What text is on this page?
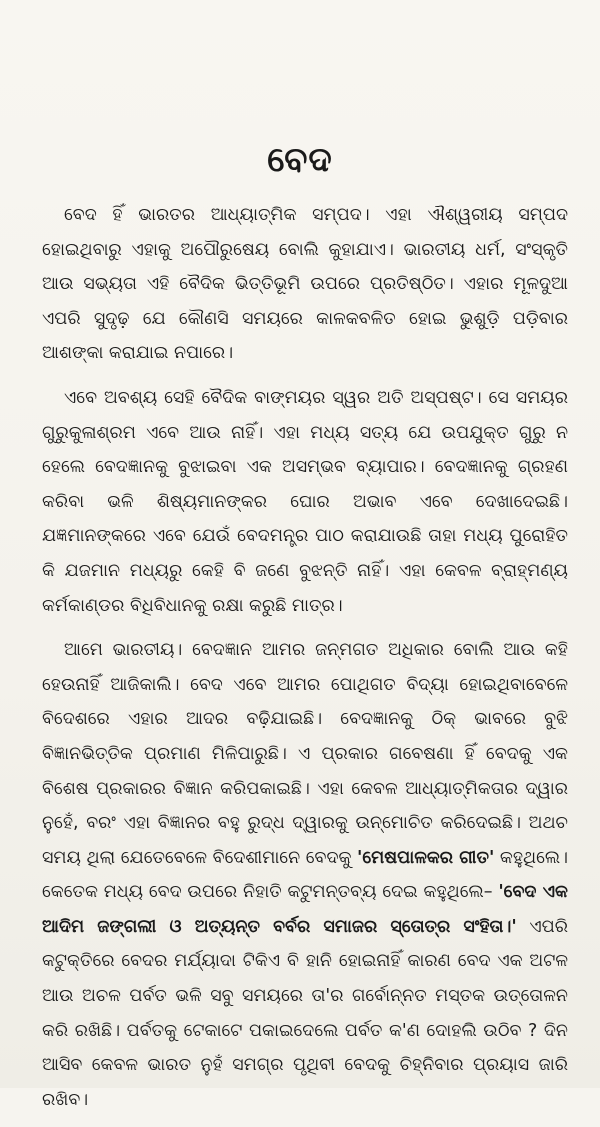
ବେଦ

ବେଦ ହିଁ ଭାରତର ଆଧ୍ୟାତ୍ମିକ ସମ୍ପଦ। ଏହା ଐଶ୍ୱରୀୟ ସମ୍ପଦ ହୋଇଥିବାରୁ ଏହାକୁ ଅପୌରୁଷେୟ ବୋଲି କୁହାଯାଏ। ଭାରତୀୟ ଧର୍ମ, ସଂସ୍କୃତି ଆଉ ସଭ୍ୟତା ଏହି ବୈଦିକ ଭିତ୍ତିଭୂମି ଉପରେ ପ୍ରତିଷ୍ଠିତ। ଏହାର ମୂଳଦୁଆ ଏପରି ସୁଦୃଢ଼ ଯେ କୌଣସି ସମୟରେ କାଳକବଳିତ ହୋଇ ଭୁଶୁଡ଼ି ପଡ଼ିବାର ଆଶଙ୍କା କରାଯାଇ ନପାରେ।

ଏବେ ଅବଶ୍ୟ ସେହି ବୈଦିକ ବାଙ୍ମୟର ସ୍ୱର ଅତି ଅସ୍ପଷ୍ଟ। ସେ ସମୟର ଗୁରୁକୁଳାଶ୍ରମ ଏବେ ଆଉ ନାହିଁ। ଏହା ମଧ୍ୟ ସତ୍ୟ ଯେ ଉପଯୁକ୍ତ ଗୁରୁ ନ ହେଲେ ବେଦଜ୍ଞାନକୁ ବୁଝାଇବା ଏକ ଅସମ୍ଭବ ବ୍ୟାପାର। ବେଦଜ୍ଞାନକୁ ଗ୍ରହଣ କରିବା ଭଳି ଶିଷ୍ୟମାନଙ୍କର ଘୋର ଅଭାବ ଏବେ ଦେଖାଦେଇଛି। ଯଜ୍ଞମାନଙ୍କରେ ଏବେ ଯେଉଁ ବେଦମନ୍ତ୍ର ପାଠ କରାଯାଉଛି ତାହା ମଧ୍ୟ ପୁରୋହିତ କି ଯଜମାନ ମଧ୍ୟରୁ କେହି ବି ଜଣେ ବୁଝନ୍ତି ନାହିଁ। ଏହା କେବଳ ବ୍ରାହ୍ମଣ୍ୟ କର୍ମକାଣ୍ଡର ବିଧିବିଧାନକୁ ରକ୍ଷା କରୁଛି ମାତ୍ର।

ଆମେ ଭାରତୀୟ। ବେଦଜ୍ଞାନ ଆମର ଜନ୍ମଗତ ଅଧିକାର ବୋଲି ଆଉ କହି ହେଉନାହିଁ ଆଜିକାଲି। ବେଦ ଏବେ ଆମର ପୋଥିଗତ ବିଦ୍ୟା ହୋଇଥିବାବେଳେ ବିଦେଶରେ ଏହାର ଆଦର ବଢ଼ିଯାଇଛି। ବେଦଜ୍ଞାନକୁ ଠିକ୍ ଭାବରେ ବୁଝି ବିଜ୍ଞାନଭିତ୍ତିକ ପ୍ରମାଣ ମିଳିପାରୁଛି। ଏ ପ୍ରକାର ଗବେଷଣା ହିଁ ବେଦକୁ ଏକ ବିଶେଷ ପ୍ରକାରର ବିଜ୍ଞାନ କରିପକାଇଛି। ଏହା କେବଳ ଆଧ୍ୟାତ୍ମିକତାର ଦ୍ୱାର ନୁହେଁ, ବରଂ ଏହା ବିଜ୍ଞାନର ବହୁ ରୁଦ୍ଧ ଦ୍ୱାରକୁ ଉନ୍ମୋଚିତ କରିଦେଇଛି। ଅଥଚ ସମୟ ଥିଲା ଯେତେବେଳେ ବିଦେଶୀମାନେ ବେଦକୁ 'ମେଷପାଳକର ଗୀତ' କହୁଥିଲେ। କେତେକ ମଧ୍ୟ ବେଦ ଉପରେ ନିହାତି କଟୁମନ୍ତବ୍ୟ ଦେଇ କହୁଥିଲେ– 'ବେଦ ଏକ ଆଦିମ ଜଙ୍ଗଲୀ ଓ ଅତ୍ୟନ୍ତ ବର୍ବର ସମାଜର ସ୍ତୋତ୍ର ସଂହିତା।' ଏପରି କଟୁକ୍ତିରେ ବେଦର ମର୍ଯ୍ୟାଦା ଟିକିଏ ବି ହାନି ହୋଇନାହିଁ କାରଣ ବେଦ ଏକ ଅଟଳ ଆଉ ଅଚଳ ପର୍ବତ ଭଳି ସବୁ ସମୟରେ ତା'ର ଗର୍ବୋନ୍ନତ ମସ୍ତକ ଉତ୍ତୋଳନ କରି ରଖିଛି। ପର୍ବତକୁ ଟେକାଟେ ପକାଇଦେଲେ ପର୍ବତ କ'ଣ ଦୋହଲି ଉଠିବ ? ଦିନ ଆସିବ କେବଳ ଭାରତ ନୁହଁ ସମଗ୍ର ପୃଥିବୀ ବେଦକୁ ଚିହ୍ନିବାର ପ୍ରୟାସ ଜାରି ରଖିବ।
